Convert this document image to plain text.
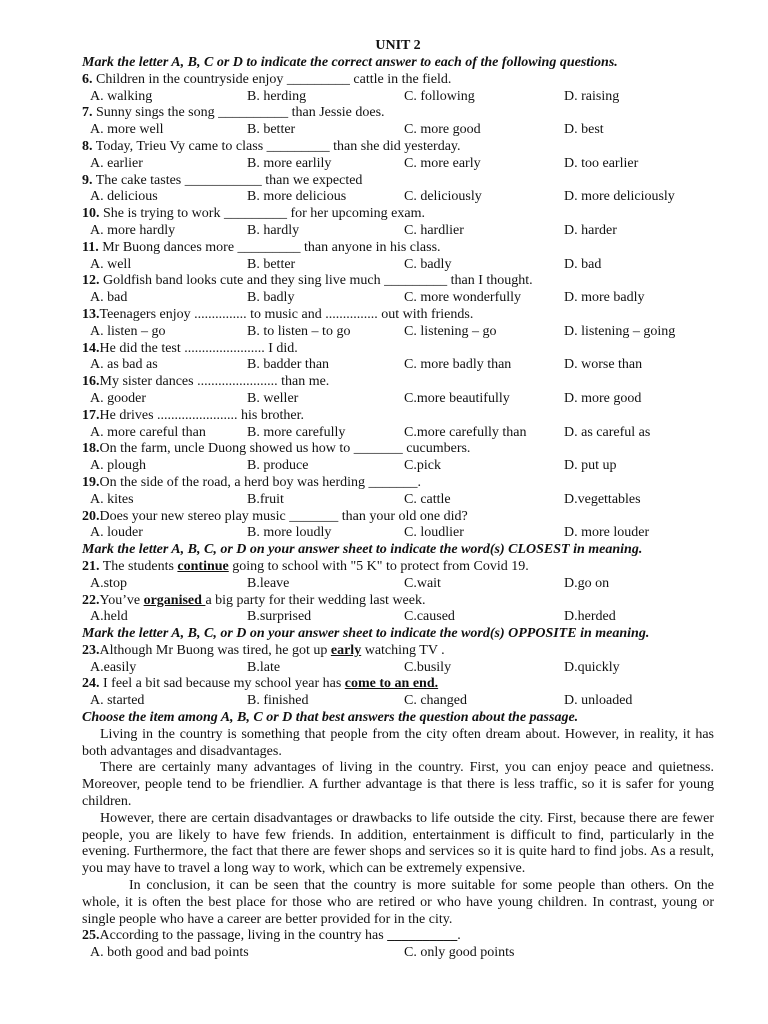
UNIT 2
Mark the letter A, B, C or D to indicate the correct answer to each of the following questions.
6. Children in the countryside enjoy _________ cattle in the field.
A. walking	B. herding	C. following	D. raising
7. Sunny sings the song __________ than Jessie does.
A. more well	B. better	C. more good	D. best
8. Today, Trieu Vy came to class _________ than she did yesterday.
A. earlier	B. more earlily	C. more early	D. too earlier
9. The cake tastes ___________ than we expected
A. delicious	B. more delicious	C. deliciously	D. more deliciously
10. She is trying to work _________ for her upcoming exam.
A. more hardly	B. hardly	C. hardlier	D. harder
11. Mr Buong dances more _________ than anyone in his class.
A. well	B. better	C. badly	D. bad
12. Goldfish band looks cute and they sing live much _________ than I thought.
A. bad	B. badly	C. more wonderfully	D. more badly
13.Teenagers enjoy ............... to music and ............... out with friends.
A. listen – go	B. to listen – to go	C. listening – go	D. listening – going
14.He did the test ....................... I did.
A. as bad as	B. badder than	C. more badly than	D. worse than
16.My sister dances ....................... than me.
A. gooder	B. weller	C.more beautifully	D. more good
17.He drives ....................... his brother.
A. more careful than	B. more carefully	C.more carefully than	D. as careful as
18.On the farm, uncle Duong showed us how to _______ cucumbers.
A. plough	B. produce	C.pick	D. put up
19.On the side of the road, a herd boy was herding _______.
A. kites	B.fruit	C. cattle	D.vegettables
20.Does your new stereo play music _______ than your old one did?
A. louder	B. more loudly	C. loudlier	D. more louder
Mark the letter A, B, C, or D on your answer sheet to indicate the word(s) CLOSEST in meaning.
21. The students continue going to school with "5 K" to protect from Covid 19.
A.stop	B.leave	C.wait	D.go on
22.You’ve organised a big party for their wedding last week.
A.held	B.surprised	C.caused	D.herded
Mark the letter A, B, C, or D on your answer sheet to indicate the word(s) OPPOSITE in meaning.
23.Although Mr Buong was tired, he got up early watching TV .
A.easily	B.late	C.busily	D.quickly
24. I feel a bit sad because my school year has come to an end.
A. started	B. finished	C. changed	D. unloaded
Choose the item among A, B, C or D that best answers the question about the passage.

Living in the country is something that people from the city often dream about. However, in reality, it has both advantages and disadvantages.

There are certainly many advantages of living in the country. First, you can enjoy peace and quietness. Moreover, people tend to be friendlier. A further advantage is that there is less traffic, so it is safer for young children.

However, there are certain disadvantages or drawbacks to life outside the city. First, because there are fewer people, you are likely to have few friends. In addition, entertainment is difficult to find, particularly in the evening. Furthermore, the fact that there are fewer shops and services so it is quite hard to find jobs. As a result, you may have to travel a long way to work, which can be extremely expensive.

In conclusion, it can be seen that the country is more suitable for some people than others. On the whole, it is often the best place for those who are retired or who have young children. In contrast, young or single people who have a career are better provided for in the city.

25.According to the passage, living in the country has __________.
A. both good and bad points	C. only good points
